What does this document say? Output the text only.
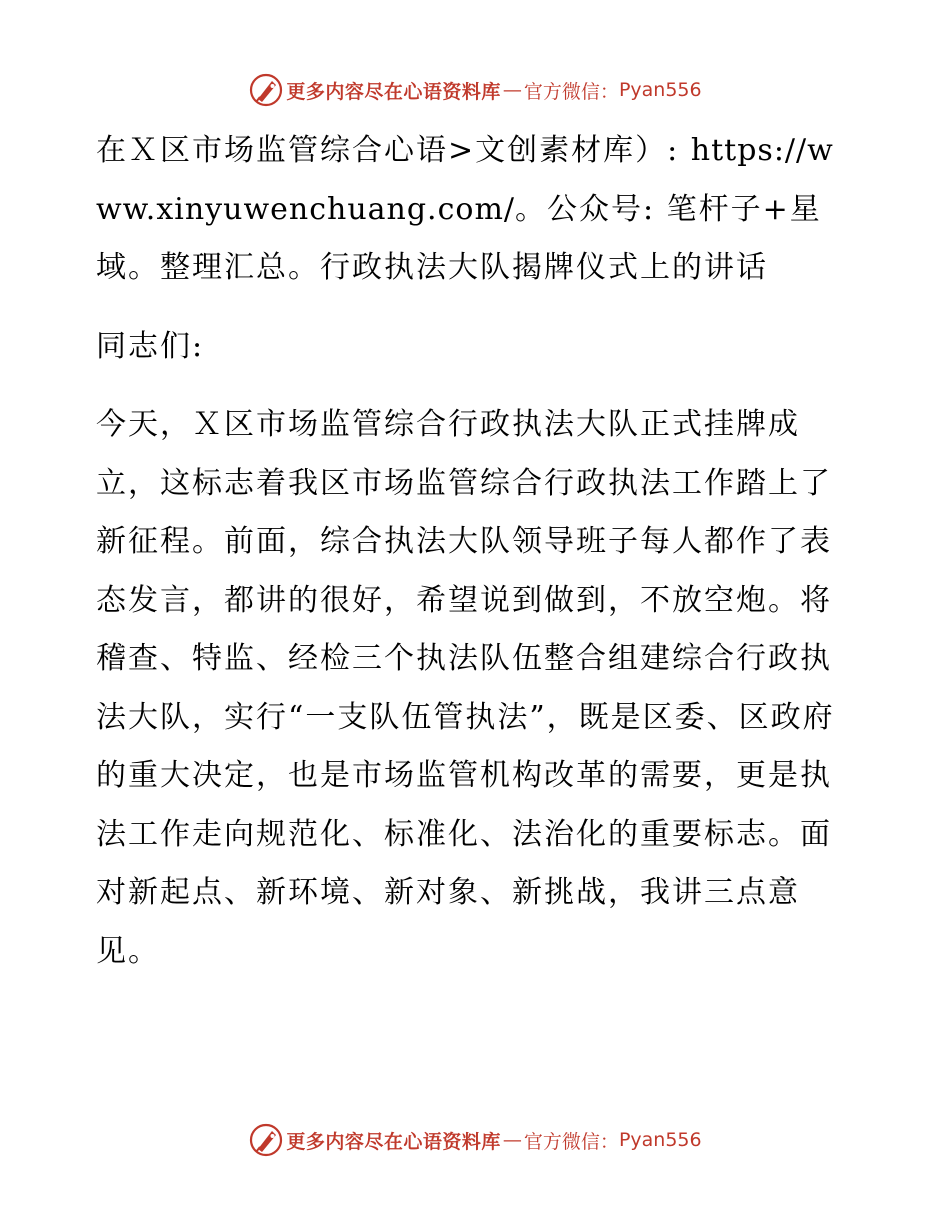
更多内容尽在心语资料库 — 官方微信： Pyan556

在Ｘ区市场监管综合心语>文创素材库）: https://www.xinyuwenchuang.com/。公众号: 笔杆子+星域。整理汇总。行政执法大队揭牌仪式上的讲话

同志们:

今天，Ｘ区市场监管综合行政执法大队正式挂牌成立，这标志着我区市场监管综合行政执法工作踏上了新征程。前面，综合执法大队领导班子每人都作了表态发言，都讲的很好，希望说到做到，不放空炮。将稽查、特监、经检三个执法队伍整合组建综合行政执法大队，实行“一支队伍管执法”，既是区委、区政府的重大决定，也是市场监管机构改革的需要，更是执法工作走向规范化、标准化、法治化的重要标志。面对新起点、新环境、新对象、新挑战，我讲三点意见。

更多内容尽在心语资料库 — 官方微信： Pyan556
